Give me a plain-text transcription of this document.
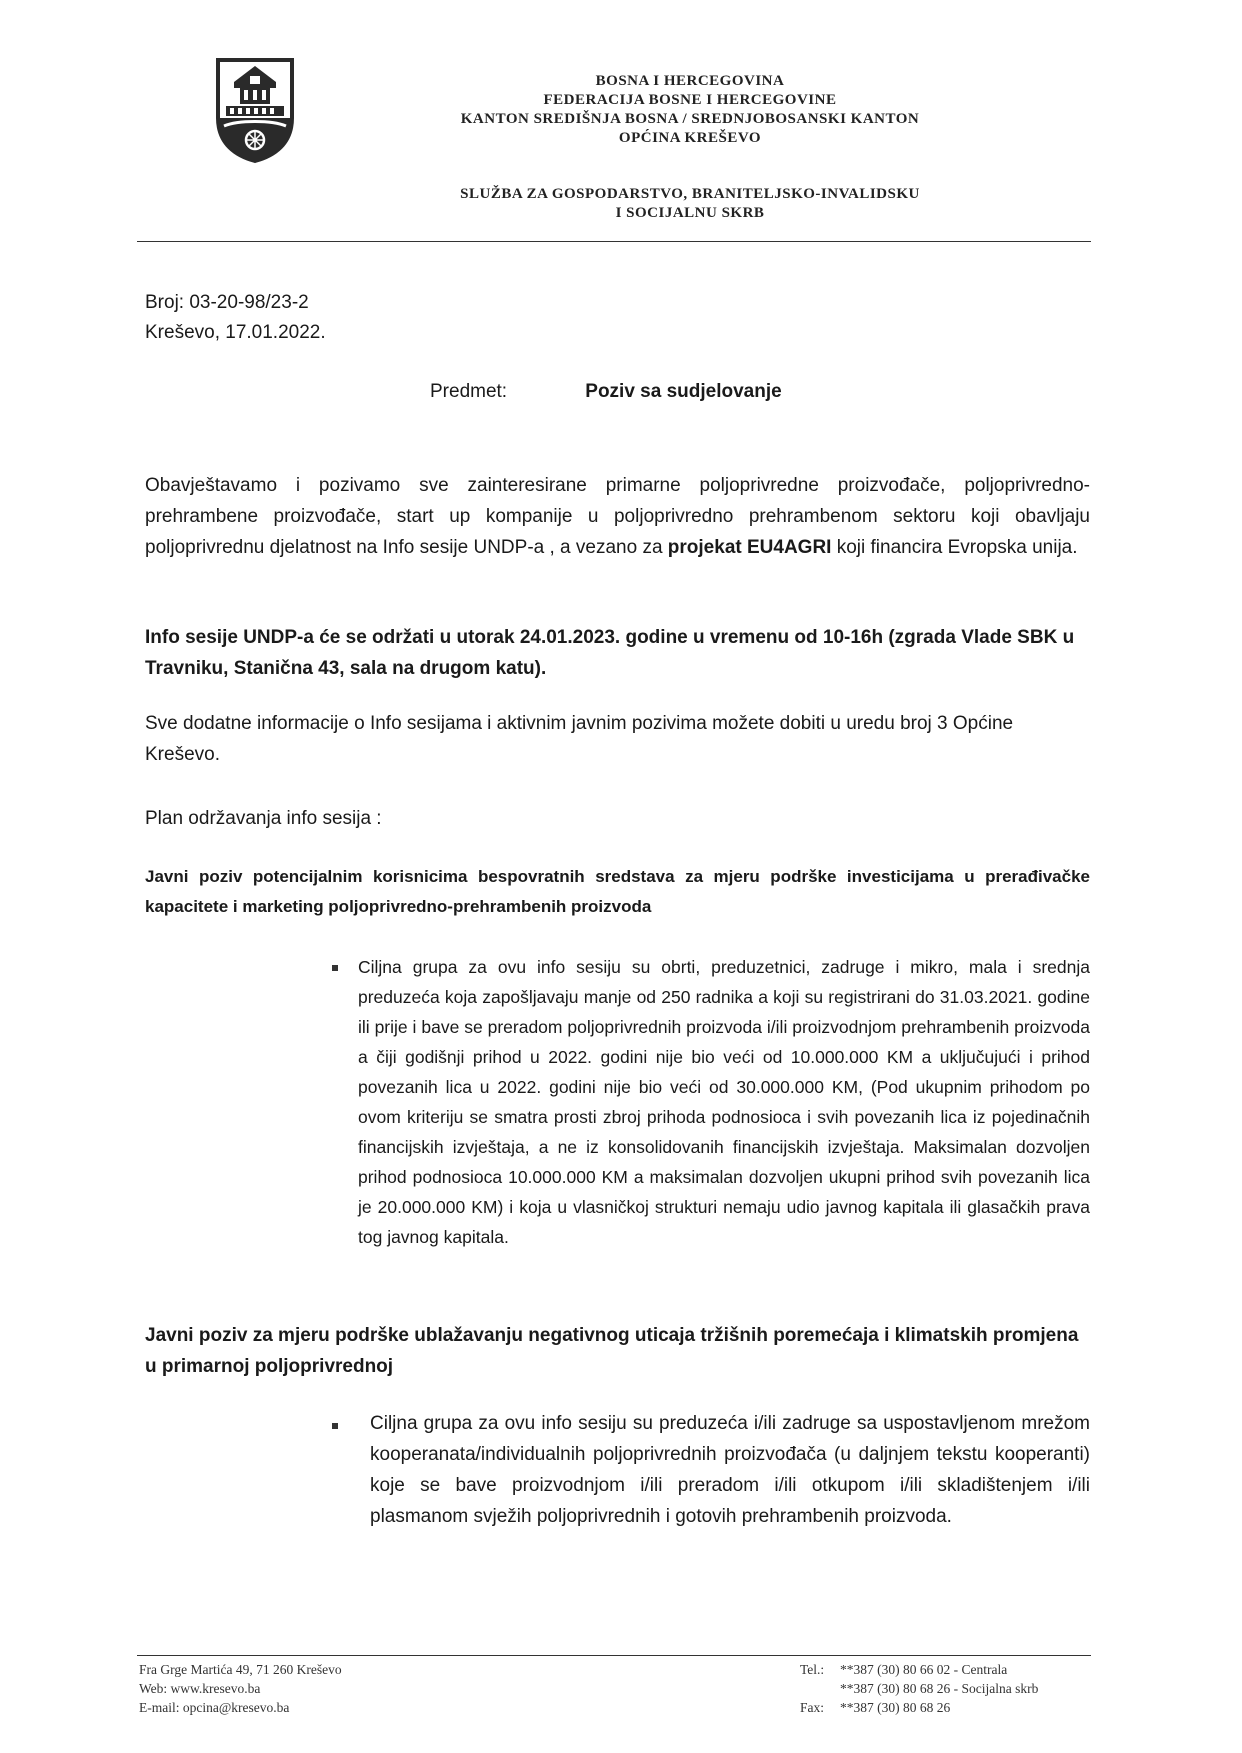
BOSNA I HERCEGOVINA
FEDERACIJA BOSNE I HERCEGOVINE
KANTON SREDIŠNJA BOSNA / SREDNJOBOSANSKI KANTON
OPĆINA KREŠEVO
SLUŽBA ZA GOSPODARSTVO, BRANITELJSKO-INVALIDSKU
I SOCIJALNU SKRB
Broj: 03-20-98/23-2
Kreševo, 17.01.2022.
Predmet:	Poziv sa sudjelovanje

Obavještavamo i pozivamo sve zainteresirane primarne poljoprivredne proizvođače, poljoprivredno-prehrambene proizvođače, start up kompanije u poljoprivredno prehrambenom sektoru koji obavljaju poljoprivrednu djelatnost na Info sesije UNDP-a , a vezano za projekat EU4AGRI koji financira Evropska unija.

Info sesije UNDP-a će se održati u utorak 24.01.2023. godine u vremenu od 10-16h (zgrada Vlade SBK u Travniku, Stanična 43, sala na drugom katu).

Sve dodatne informacije o Info sesijama i aktivnim javnim pozivima možete dobiti u uredu broj 3 Općine Kreševo.

Plan održavanja info sesija :

Javni poziv potencijalnim korisnicima bespovratnih sredstava za mjeru podrške investicijama u prerađivačke kapacitete i marketing poljoprivredno-prehrambenih proizvoda

Ciljna grupa za ovu info sesiju su obrti, preduzetnici, zadruge i mikro, mala i srednja preduzeća koja zapošljavaju manje od 250 radnika a koji su registrirani do 31.03.2021. godine ili prije i bave se preradom poljoprivrednih proizvoda i/ili proizvodnjom prehrambenih proizvoda a čiji godišnji prihod u 2022. godini nije bio veći od 10.000.000 KM a uključujući i prihod povezanih lica u 2022. godini nije bio veći od 30.000.000 KM, (Pod ukupnim prihodom po ovom kriteriju se smatra prosti zbroj prihoda podnosioca i svih povezanih lica iz pojedinačnih financijskih izvještaja, a ne iz konsolidovanih financijskih izvještaja. Maksimalan dozvoljen prihod podnosioca 10.000.000 KM a maksimalan dozvoljen ukupni prihod svih povezanih lica je 20.000.000 KM) i koja u vlasničkoj strukturi nemaju udio javnog kapitala ili glasačkih prava tog javnog kapitala.

Javni poziv za mjeru podrške ublažavanju negativnog uticaja tržišnih poremećaja i klimatskih promjena u primarnoj poljoprivrednoj

Ciljna grupa za ovu info sesiju su preduzeća i/ili zadruge sa uspostavljenom mrežom kooperanata/individualnih poljoprivrednih proizvođača (u daljnjem tekstu kooperanti) koje se bave proizvodnjom i/ili preradom i/ili otkupom i/ili skladištenjem i/ili plasmanom svježih poljoprivrednih i gotovih prehrambenih proizvoda.

Fra Grge Martića 49, 71 260 Kreševo
Web: www.kresevo.ba
E-mail: opcina@kresevo.ba
Tel.: **387 (30) 80 66 02 - Centrala
**387 (30) 80 68 26 - Socijalna skrb
Fax: **387 (30) 80 68 26
